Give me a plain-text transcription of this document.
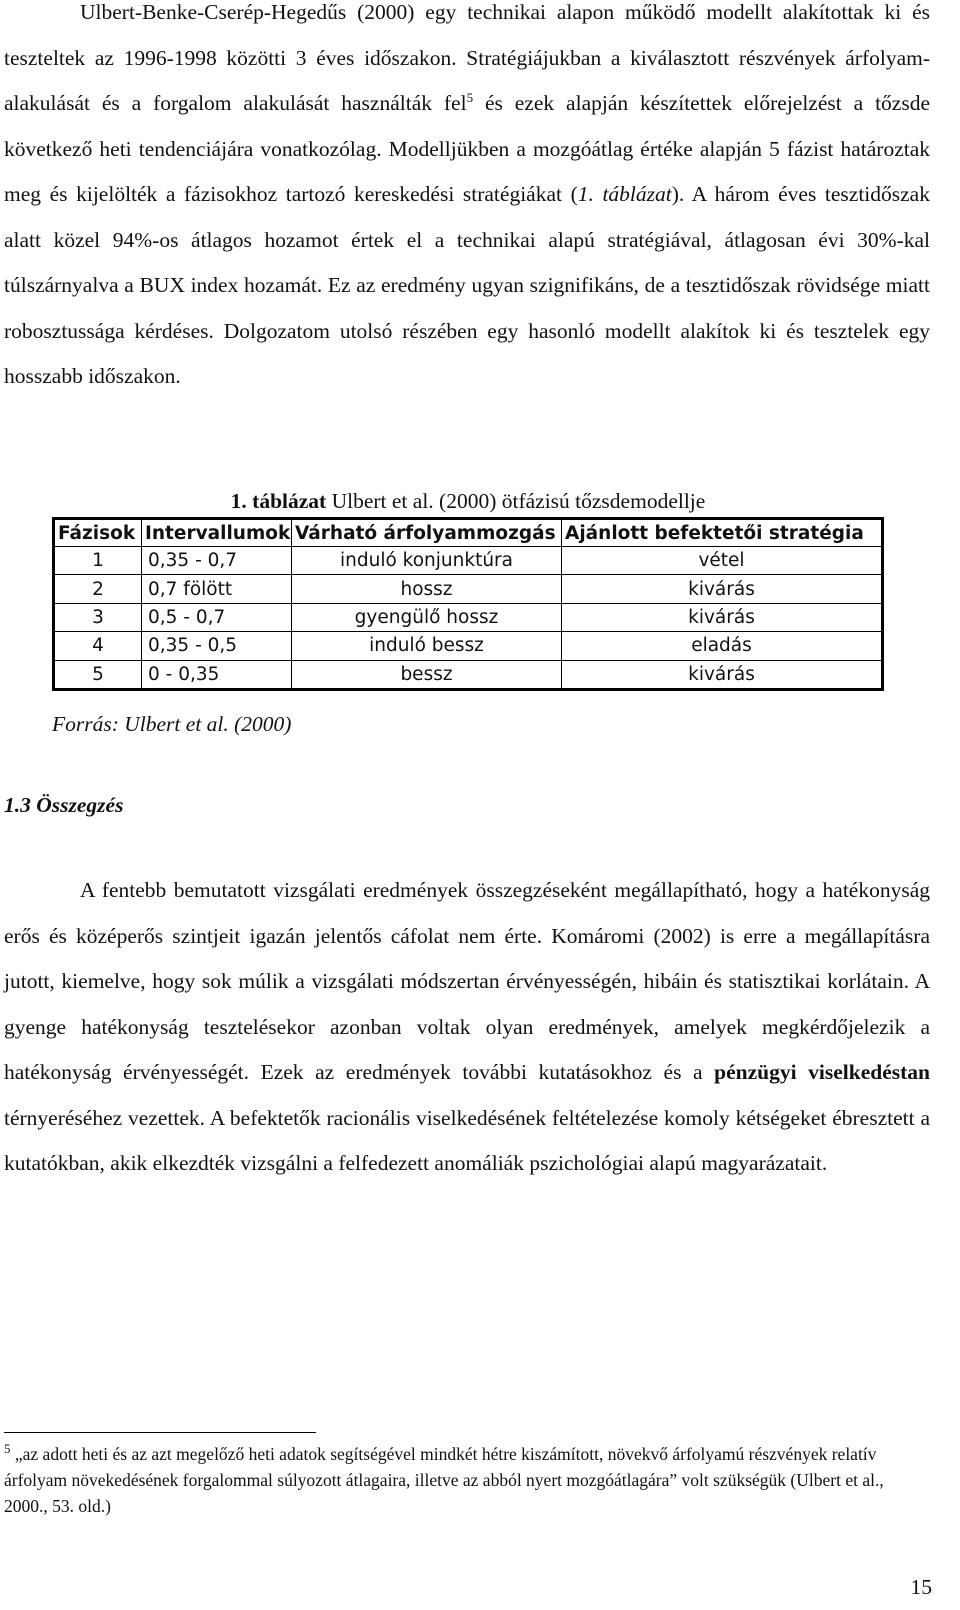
Ulbert-Benke-Cserép-Hegedűs (2000) egy technikai alapon működő modellt alakítottak ki és teszteltek az 1996-1998 közötti 3 éves időszakon. Stratégiájukban a kiválasztott részvények árfolyam-alakulását és a forgalom alakulását használták fel$^5$ és ezek alapján készítettek előrejelzést a tőzsde következő heti tendenciájára vonatkozólag. Modelljükben a mozgóátlag értéke alapján 5 fázist határoztak meg és kijelölték a fázisokhoz tartozó kereskedési stratégiákat (1. táblázat). A három éves tesztidőszak alatt közel 94%-os átlagos hozamot értek el a technikai alapú stratégiával, átlagosan évi 30%-kal túlszárnyalva a BUX index hozamát. Ez az eredmény ugyan szignifikáns, de a tesztidőszak rövidsége miatt robosztussága kérdéses. Dolgozatom utolsó részében egy hasonló modellt alakítok ki és tesztelek egy hosszabb időszakon.
1. táblázat Ulbert et al. (2000) ötfázisú tőzsdemodellje
Fázisok	Intervallumok	Várható árfolyammozgás	Ajánlott befektetői stratégia
1	0,35 - 0,7	induló konjunktúra	vétel
2	0,7 fölött	hossz	kivárás
3	0,5 - 0,7	gyengülő hossz	kivárás
4	0,35 - 0,5	induló bessz	eladás
5	0 - 0,35	bessz	kivárás
Forrás: Ulbert et al. (2000)
1.3 Összegzés
A fentebb bemutatott vizsgálati eredmények összegzéseként megállapítható, hogy a hatékonyság erős és középerős szintjeit igazán jelentős cáfolat nem érte. Komáromi (2002) is erre a megállapításra jutott, kiemelve, hogy sok múlik a vizsgálati módszertan érvényességén, hibáin és statisztikai korlátain. A gyenge hatékonyság tesztelésekor azonban voltak olyan eredmények, amelyek megkérdőjelezik a hatékonyság érvényességét. Ezek az eredmények további kutatásokhoz és a pénzügyi viselkedéstan térnyeréséhez vezettek. A befektetők racionális viselkedésének feltételezése komoly kétségeket ébresztett a kutatókban, akik elkezdték vizsgálni a felfedezett anomáliák pszichológiai alapú magyarázatait.
$^5$ „az adott heti és az azt megelőző heti adatok segítségével mindkét hétre kiszámított, növekvő árfolyamú részvények relatív árfolyam növekedésének forgalommal súlyozott átlagaira, illetve az abból nyert mozgóátlagára” volt szükségük (Ulbert et al., 2000., 53. old.)
15
